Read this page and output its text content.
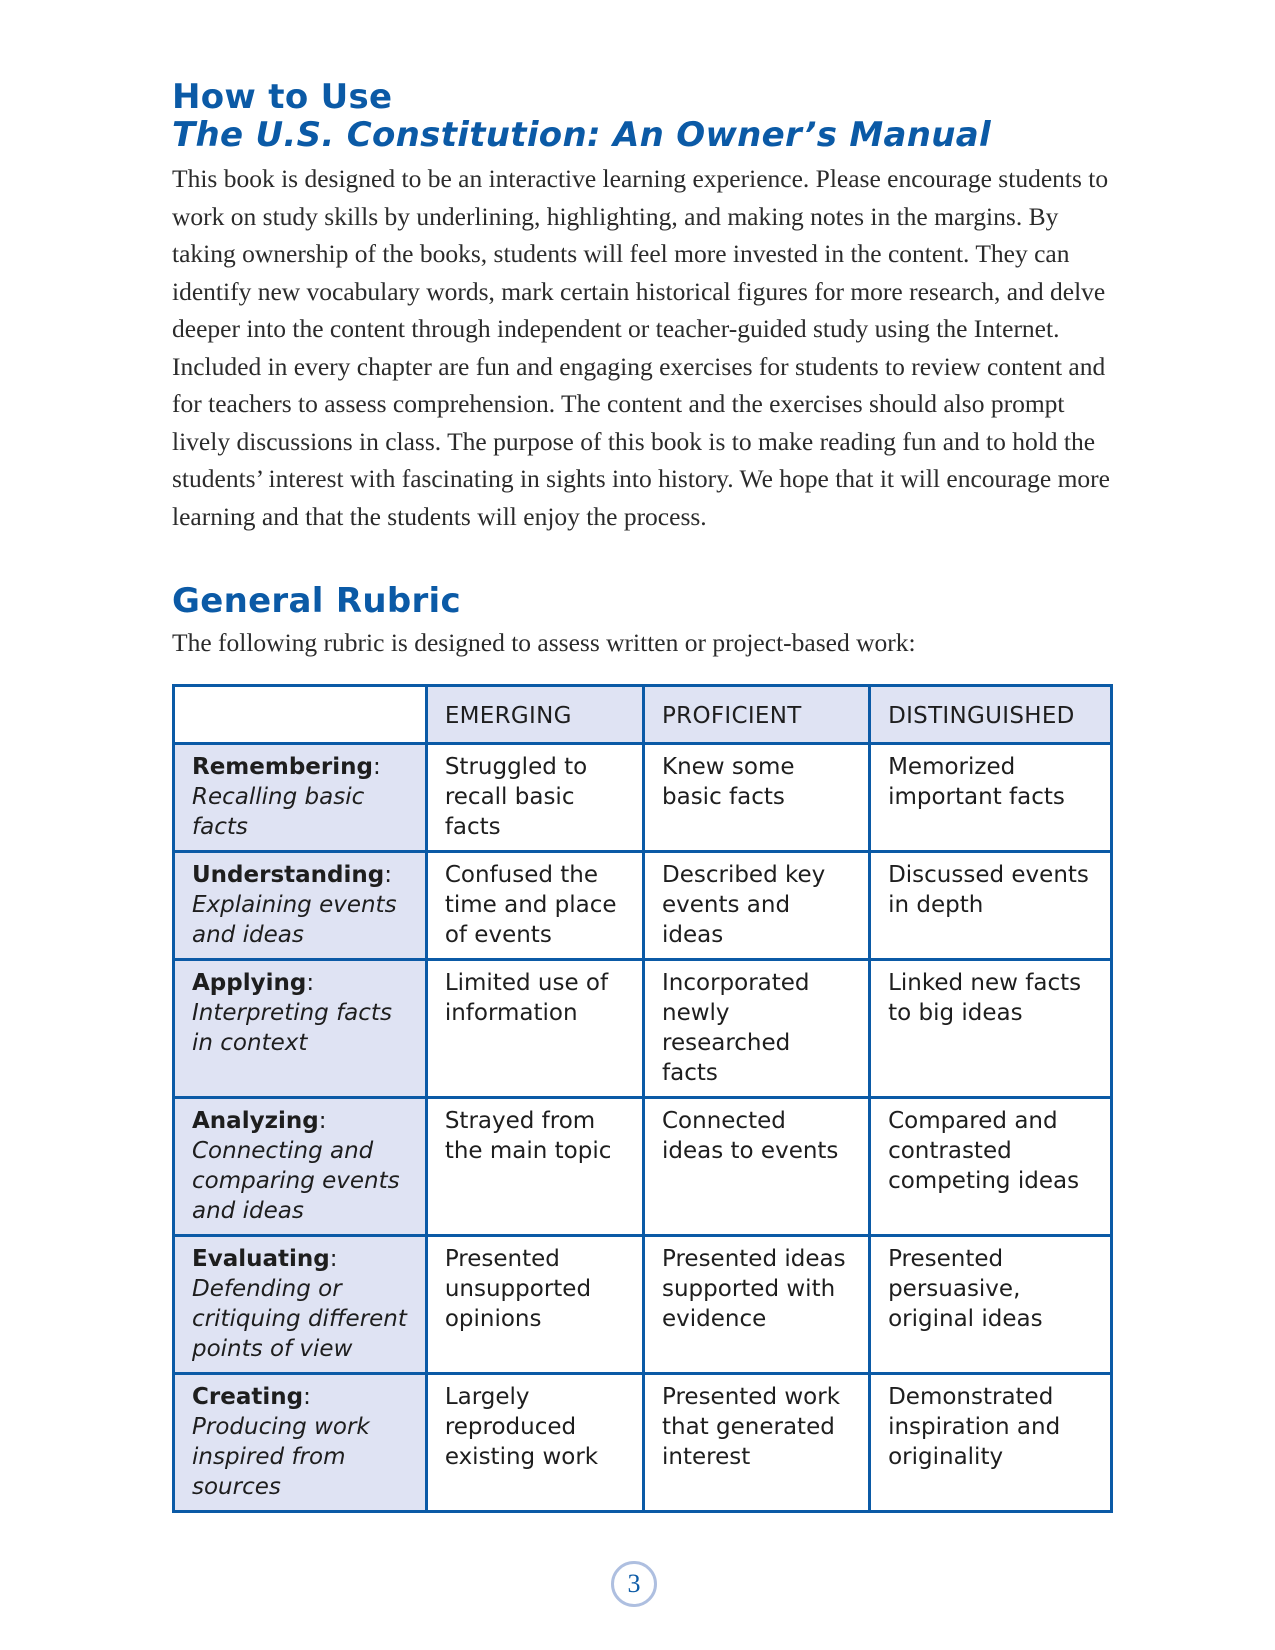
How to Use

The U.S. Constitution: An Owner’s Manual

This book is designed to be an interactive learning experience. Please encourage students to work on study skills by underlining, highlighting, and making notes in the margins. By taking ownership of the books, students will feel more invested in the content. They can identify new vocabulary words, mark certain historical figures for more research, and delve deeper into the content through independent or teacher-guided study using the Internet. Included in every chapter are fun and engaging exercises for students to review content and for teachers to assess comprehension. The content and the exercises should also prompt lively discussions in class. The purpose of this book is to make reading fun and to hold the students’ interest with fascinating in sights into history. We hope that it will encourage more learning and that the students will enjoy the process.

General Rubric

The following rubric is designed to assess written or project-based work:

	EMERGING	PROFICIENT	DISTINGUISHED

Remembering:
Recalling basic facts	Struggled to recall basic facts	Knew some basic facts	Memorized important facts

Understanding:
Explaining events and ideas	Confused the time and place of events	Described key events and ideas	Discussed events in depth

Applying:
Interpreting facts in context	Limited use of information	Incorporated newly researched facts	Linked new facts to big ideas

Analyzing:
Connecting and comparing events and ideas	Strayed from the main topic	Connected ideas to events	Compared and contrasted competing ideas

Evaluating:
Defending or critiquing different points of view	Presented unsupported opinions	Presented ideas supported with evidence	Presented persuasive, original ideas

Creating:
Producing work inspired from sources	Largely reproduced existing work	Presented work that generated interest	Demonstrated inspiration and originality
3
